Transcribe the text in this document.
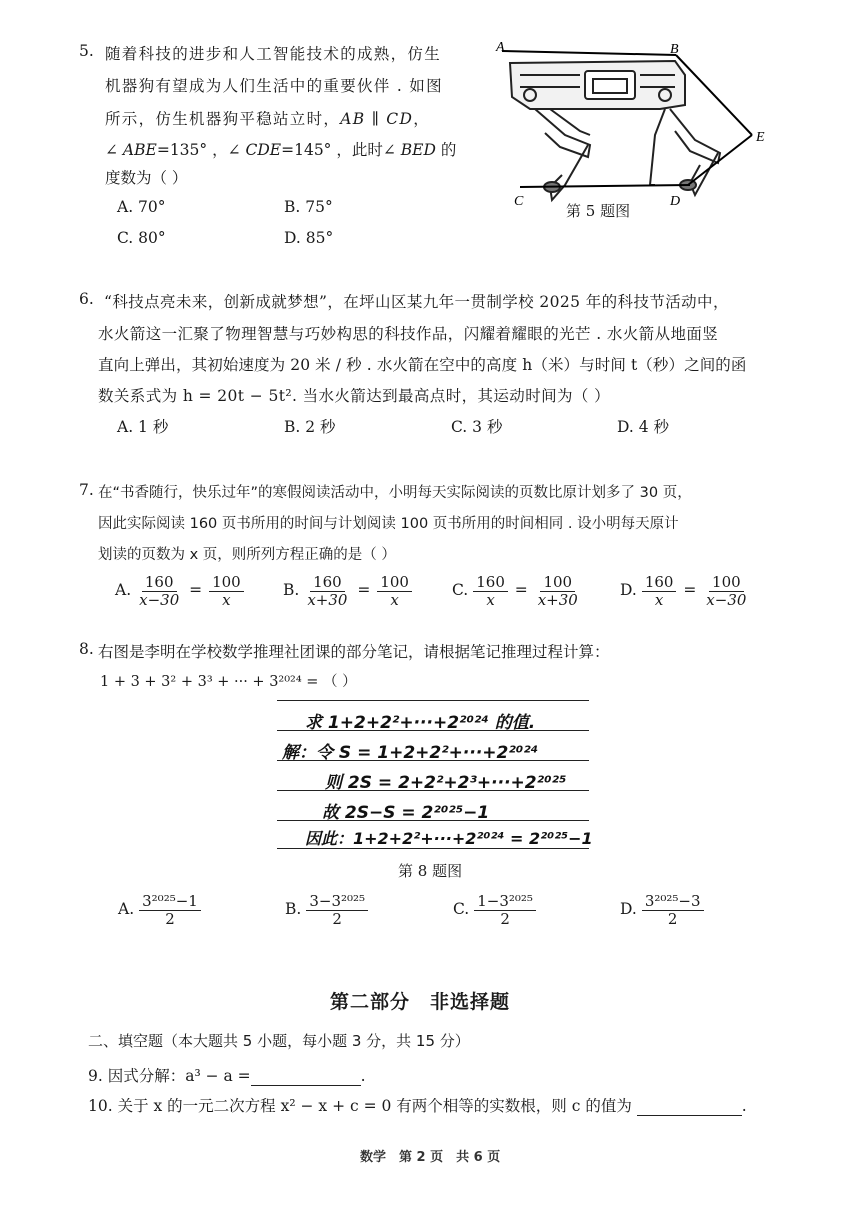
5. 随着科技的进步和人工智能技术的成熟，仿生
机器狗有望成为人们生活中的重要伙伴 . 如图
所示，仿生机器狗平稳站立时，AB ∥ CD，
∠ ABE=135° ，∠ CDE=145° ，此时∠ BED 的
度数为（ ）
A. 70°	B. 75°
C. 80°	D. 85°
A	B
E
C	D
第 5 题图
6. “科技点亮未来，创新成就梦想”，在坪山区某九年一贯制学校 2025 年的科技节活动中，
水火箭这一汇聚了物理智慧与巧妙构思的科技作品，闪耀着耀眼的光芒 . 水火箭从地面竖
直向上弹出，其初始速度为 20 米 / 秒 . 水火箭在空中的高度 h（米）与时间 t（秒）之间的函
数关系式为 h = 20t − 5t². 当水火箭达到最高点时，其运动时间为（ ）
A. 1 秒	B. 2 秒	C. 3 秒	D. 4 秒
7. 在“书香随行，快乐过年”的寒假阅读活动中，小明每天实际阅读的页数比原计划多了 30 页，
因此实际阅读 160 页书所用的时间与计划阅读 100 页书所用的时间相同 . 设小明每天原计
划读的页数为 x 页，则所列方程正确的是（ ）
A. $\frac{160}{x-30} = \frac{100}{x}$	B. $\frac{160}{x+30} = \frac{100}{x}$	C. $\frac{160}{x} = \frac{100}{x+30}$	D. $\frac{160}{x} = \frac{100}{x-30}$
8. 右图是李明在学校数学推理社团课的部分笔记，请根据笔记推理过程计算：
1 + 3 + 3² + 3³ + ··· + 3²⁰²⁴ = （ ）
求 1+2+2²+···+2²⁰²⁴ 的值.
解：令 S = 1+2+2²+···+2²⁰²⁴
则 2S = 2+2²+2³+···+2²⁰²⁵
故 2S−S = 2²⁰²⁵−1
因此：1+2+2²+···+2²⁰²⁴ = 2²⁰²⁵−1
第 8 题图
A. $\frac{\text{3²⁰²⁵−1}}{2}$	B. $\frac{\text{3−3²⁰²⁵}}{2}$	C. $\frac{\text{1−3²⁰²⁵}}{2}$	D. $\frac{\text{3²⁰²⁵−3}}{2}$
第二部分　非选择题
二、填空题（本大题共 5 小题，每小题 3 分，共 15 分）
9. 因式分解：a³ − a =	.
10. 关于 x 的一元二次方程 x² − x + c = 0 有两个相等的实数根，则 c 的值为	.
数学　第 2 页　共 6 页
